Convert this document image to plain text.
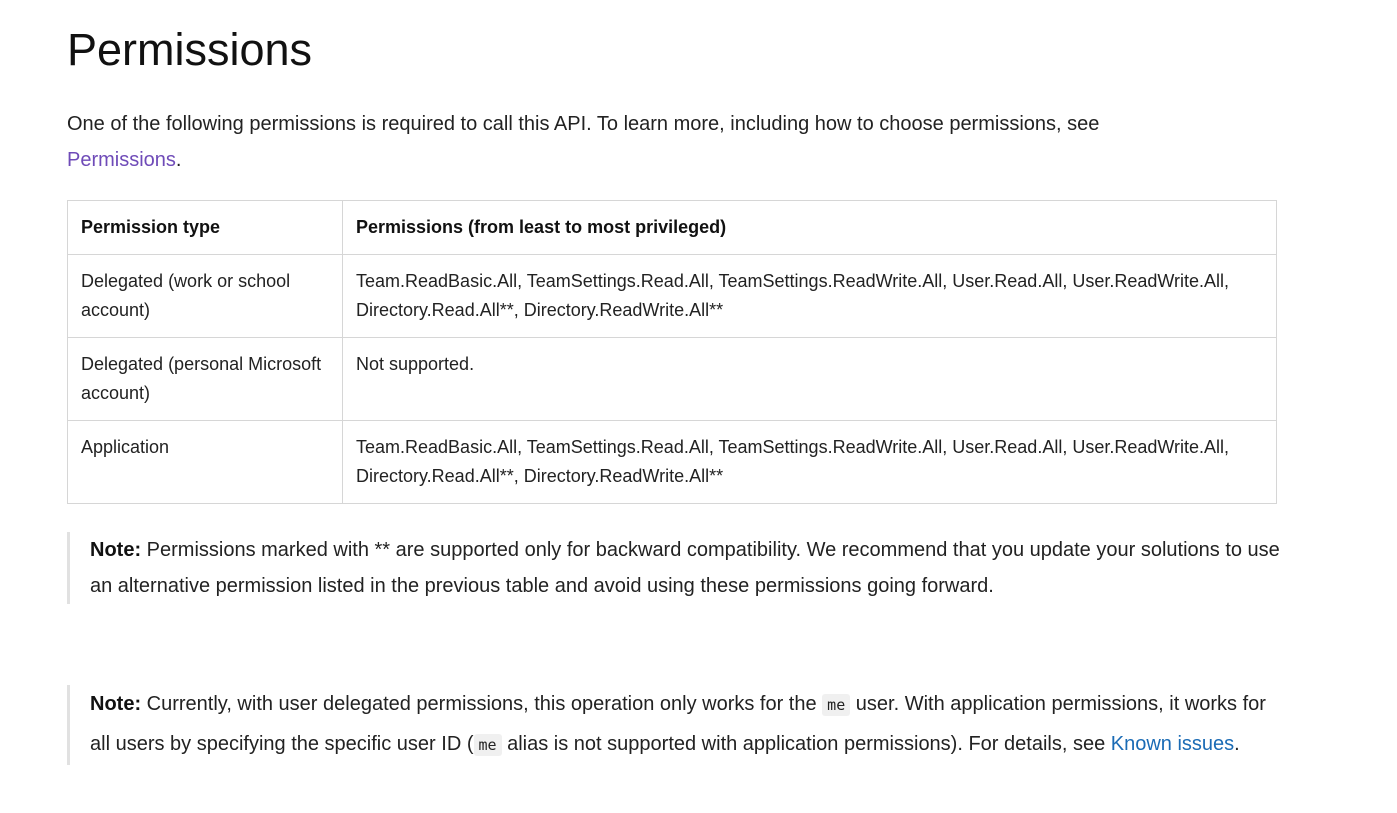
Permissions

One of the following permissions is required to call this API. To learn more, including how to choose permissions, see
Permissions.

Permission type	Permissions (from least to most privileged)
Delegated (work or school account)	Team.ReadBasic.All, TeamSettings.Read.All, TeamSettings.ReadWrite.All, User.Read.All, User.ReadWrite.All, Directory.Read.All**, Directory.ReadWrite.All**
Delegated (personal Microsoft account)	Not supported.
Application	Team.ReadBasic.All, TeamSettings.Read.All, TeamSettings.ReadWrite.All, User.Read.All, User.ReadWrite.All, Directory.Read.All**, Directory.ReadWrite.All**
Note: Permissions marked with ** are supported only for backward compatibility. We recommend that you update your solutions to use an alternative permission listed in the previous table and avoid using these permissions going forward.
Note: Currently, with user delegated permissions, this operation only works for the me user. With application permissions, it works for all users by specifying the specific user ID ( me alias is not supported with application permissions). For details, see Known issues.
